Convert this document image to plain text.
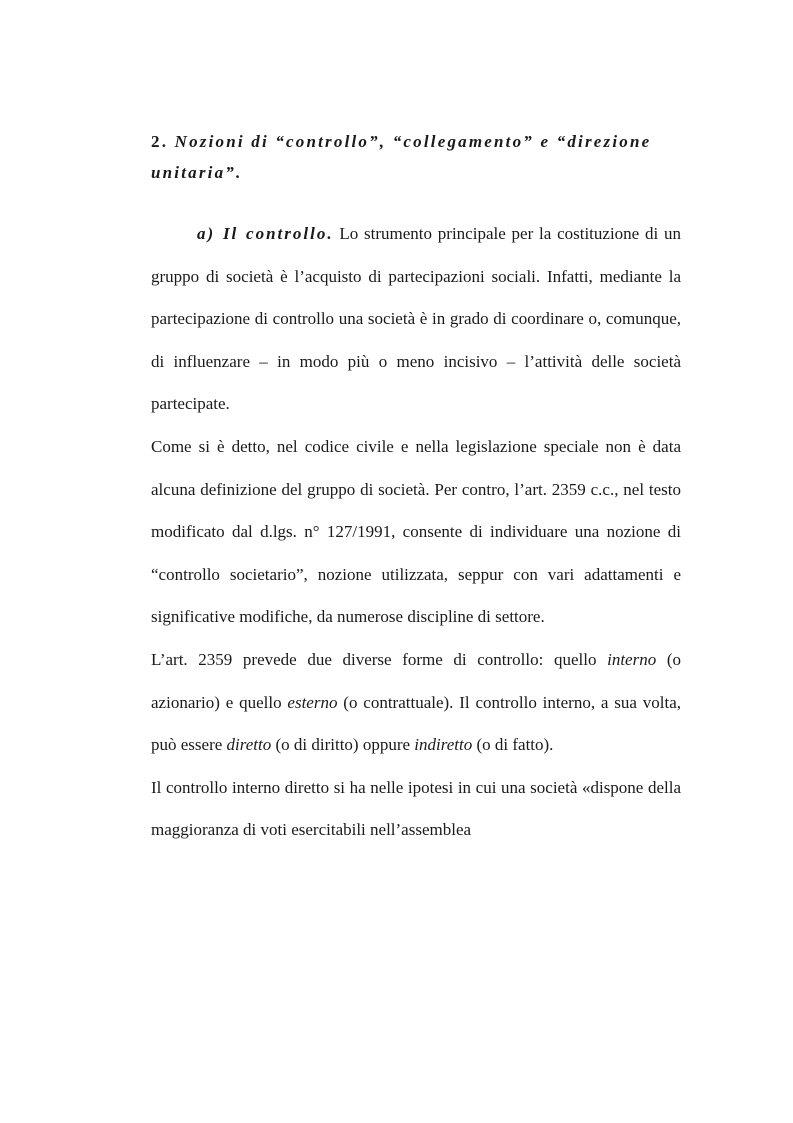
2. Nozioni di “controllo”, “collegamento” e “direzione unitaria”.

a) Il controllo. Lo strumento principale per la costituzione di un gruppo di società è l’acquisto di partecipazioni sociali. Infatti, mediante la partecipazione di controllo una società è in grado di coordinare o, comunque, di influenzare – in modo più o meno incisivo – l’attività delle società partecipate.

Come si è detto, nel codice civile e nella legislazione speciale non è data alcuna definizione del gruppo di società. Per contro, l’art. 2359 c.c., nel testo modificato dal d.lgs. n° 127/1991, consente di individuare una nozione di “controllo societario”, nozione utilizzata, seppur con vari adattamenti e significative modifiche, da numerose discipline di settore.

L’art. 2359 prevede due diverse forme di controllo: quello interno (o azionario) e quello esterno (o contrattuale). Il controllo interno, a sua volta, può essere diretto (o di diritto) oppure indiretto (o di fatto).

Il controllo interno diretto si ha nelle ipotesi in cui una società «dispone della maggioranza di voti esercitabili nell’assemblea
